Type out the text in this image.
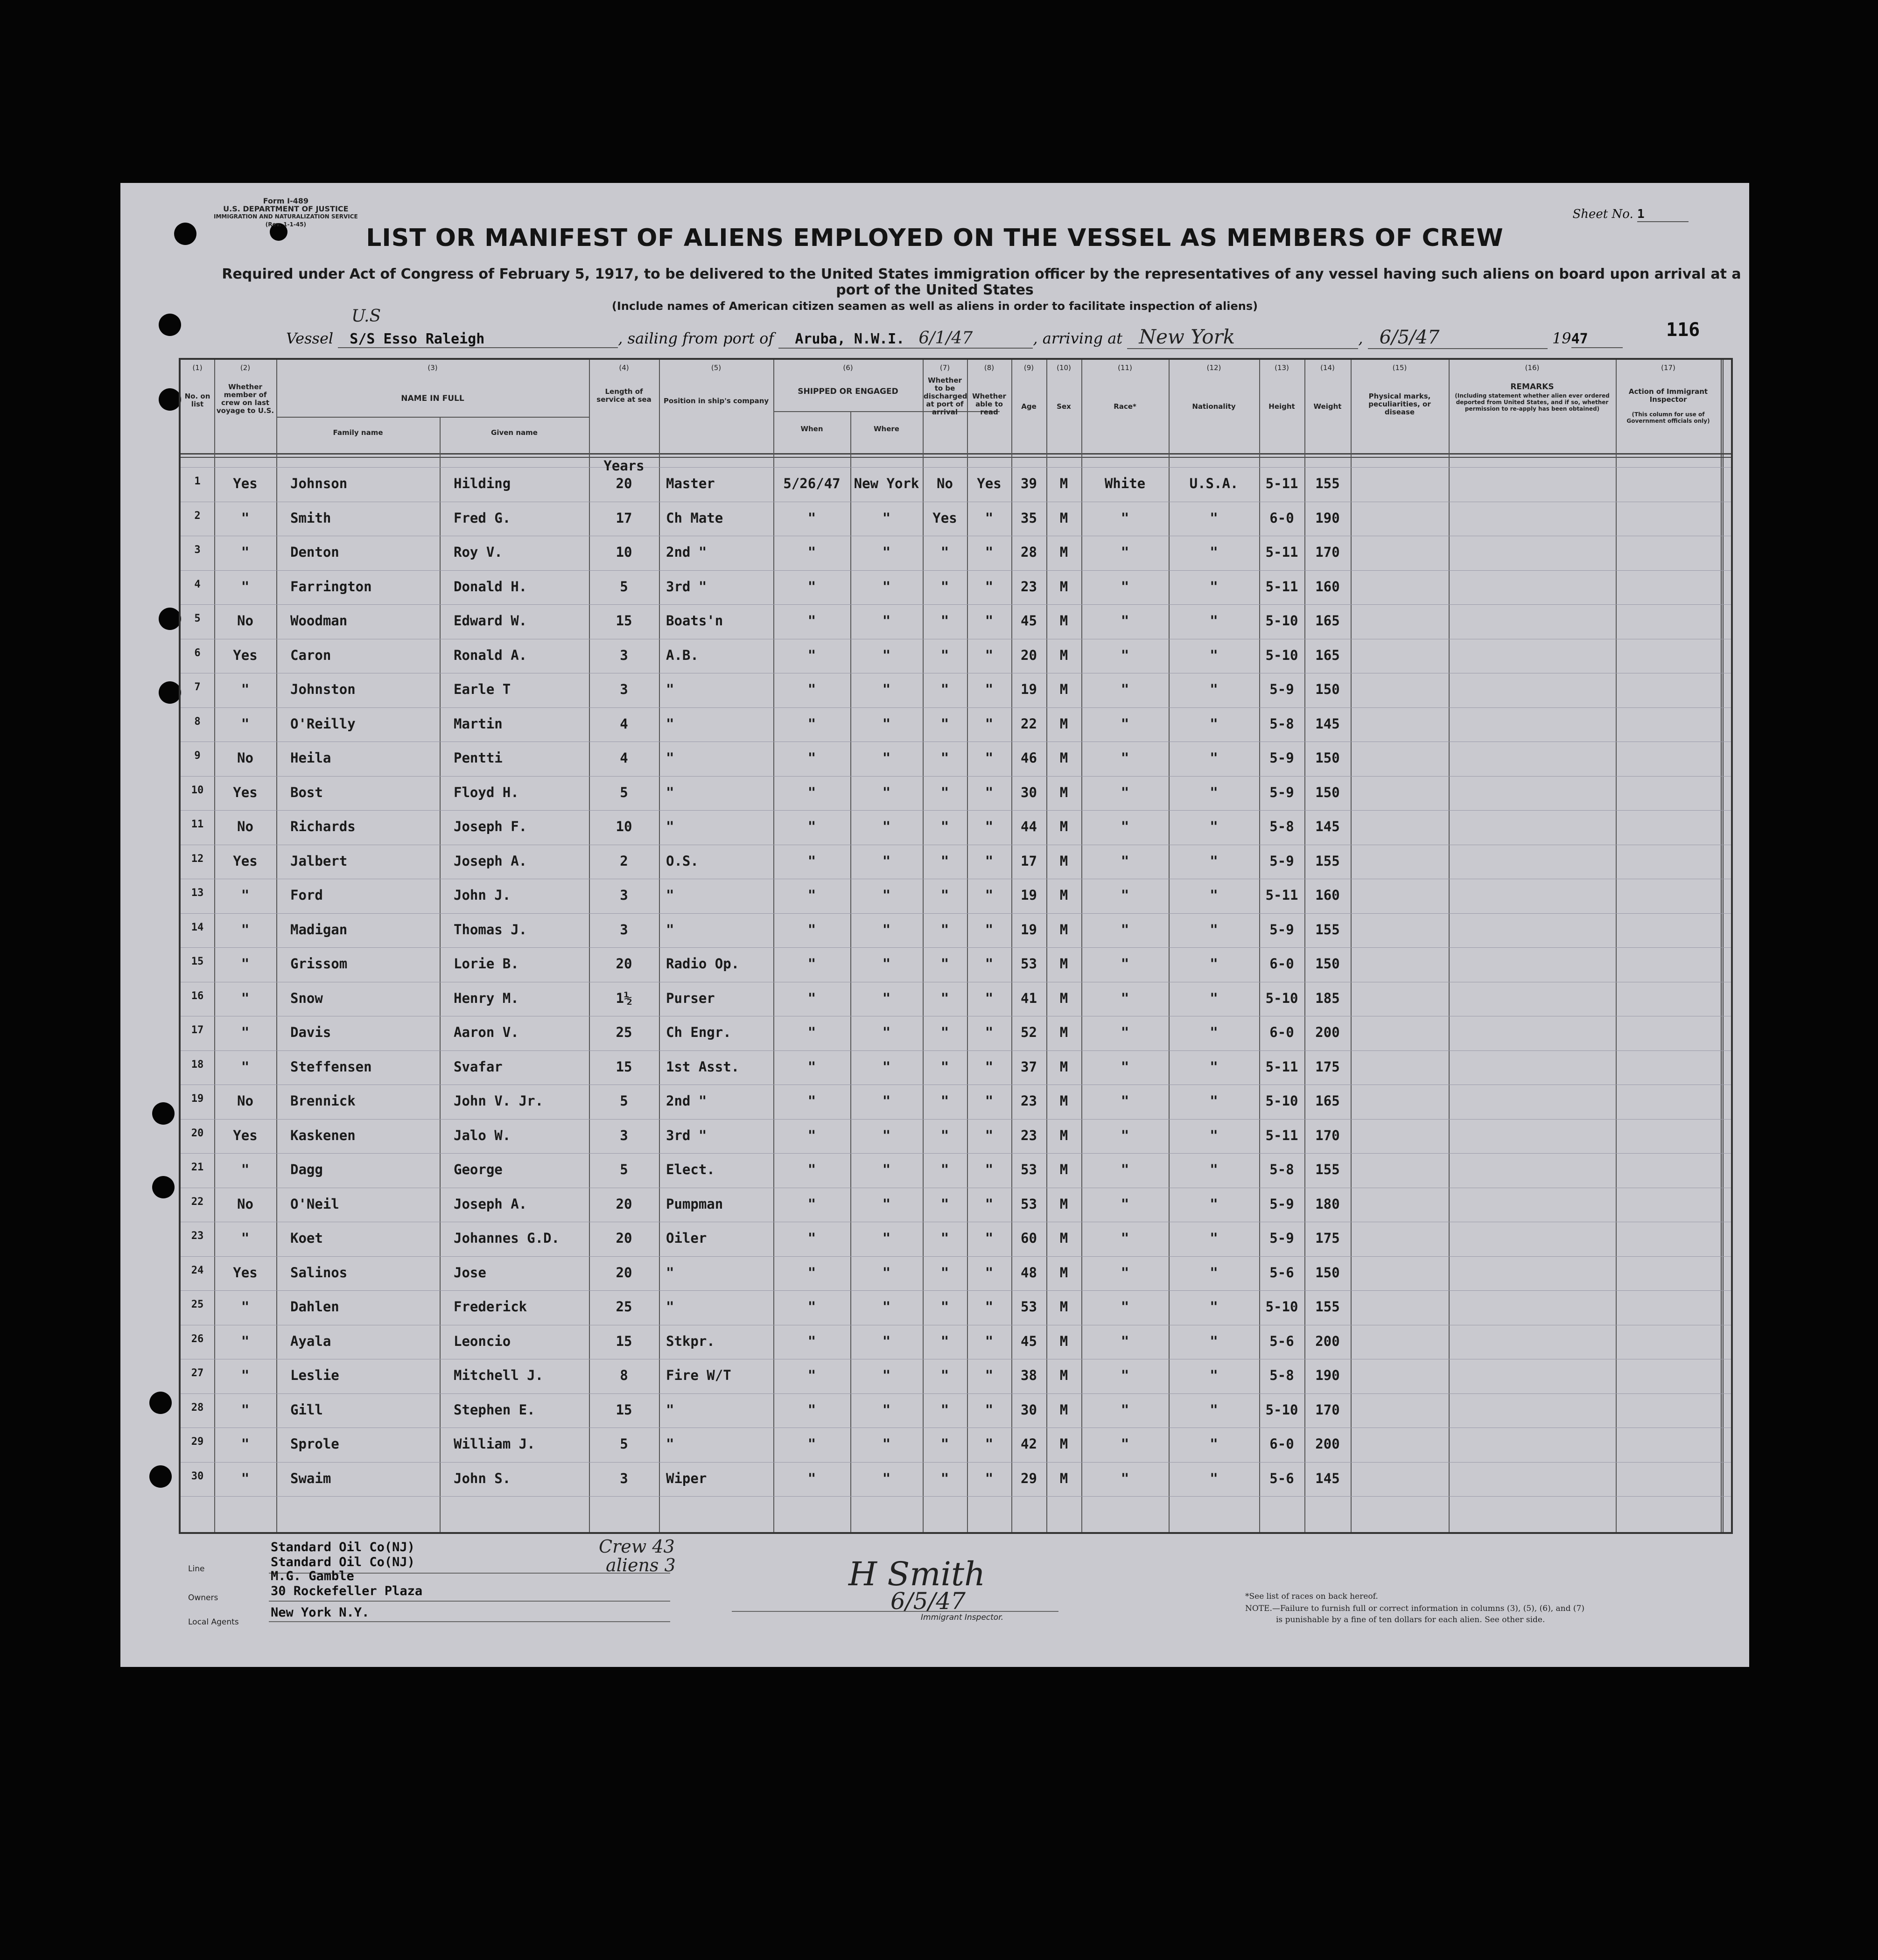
Form I-489
U.S. DEPARTMENT OF JUSTICE
IMMIGRATION AND NATURALIZATION SERVICE
(Rev. 1-1-45)
Sheet No. 1
LIST OR MANIFEST OF ALIENS EMPLOYED ON THE VESSEL AS MEMBERS OF CREW
Required under Act of Congress of February 5, 1917, to be delivered to the United States immigration officer by the representatives of any vessel having such aliens on board upon arrival at a
port of the United States
(Include names of American citizen seamen as well as aliens in order to facilitate inspection of aliens)
U.S
Vessel S/S Esso Raleigh	, sailing from port of Aruba, N.W.I. 6/1/47	, arriving at New York	, 6/5/47	1947	116
(1)	(2)	(3)	(4)	(5)	(6)	(7)	(8)	(9)	(10)	(11)	(12)	(13)	(14)	(15)	(16)	(17)
No. on list
Whether member of crew on last voyage to U.S.
NAME IN FULL
Family name	Given name
Length of service at sea	Position in ship's company
SHIPPED OR ENGAGED
When	Where
Whether to be discharged at port of arrival
Whether able to read
Age	Sex	Race*	Nationality	Height	Weight
Physical marks, peculiarities, or disease
REMARKS
(Including statement whether alien ever ordered deported from United States, and if so, whether permission to re-apply has been obtained)
Action of Immigrant Inspector
(This column for use of Government officials only)
Years
1	Yes	Johnson	Hilding	20	Master	5/26/47	New York	No	Yes	39	M	White	U.S.A.	5-11	155
2	"	Smith	Fred G.	17	Ch Mate	"	"	Yes	"	35	M	"	"	6-0	190
3	"	Denton	Roy V.	10	2nd "	"	"	"	"	28	M	"	"	5-11	170
4	"	Farrington	Donald H.	5	3rd "	"	"	"	"	23	M	"	"	5-11	160
5	No	Woodman	Edward W.	15	Boats'n	"	"	"	"	45	M	"	"	5-10	165
6	Yes	Caron	Ronald A.	3	A.B.	"	"	"	"	20	M	"	"	5-10	165
7	"	Johnston	Earle T	3	"	"	"	"	"	19	M	"	"	5-9	150
8	"	O'Reilly	Martin	4	"	"	"	"	"	22	M	"	"	5-8	145
9	No	Heila	Pentti	4	"	"	"	"	"	46	M	"	"	5-9	150
10	Yes	Bost	Floyd H.	5	"	"	"	"	"	30	M	"	"	5-9	150
11	No	Richards	Joseph F.	10	"	"	"	"	"	44	M	"	"	5-8	145
12	Yes	Jalbert	Joseph A.	2	O.S.	"	"	"	"	17	M	"	"	5-9	155
13	"	Ford	John J.	3	"	"	"	"	"	19	M	"	"	5-11	160
14	"	Madigan	Thomas J.	3	"	"	"	"	"	19	M	"	"	5-9	155
15	"	Grissom	Lorie B.	20	Radio Op.	"	"	"	"	53	M	"	"	6-0	150
16	"	Snow	Henry M.	1½	Purser	"	"	"	"	41	M	"	"	5-10	185
17	"	Davis	Aaron V.	25	Ch Engr.	"	"	"	"	52	M	"	"	6-0	200
18	"	Steffensen	Svafar	15	1st Asst.	"	"	"	"	37	M	"	"	5-11	175
19	No	Brennick	John V. Jr.	5	2nd "	"	"	"	"	23	M	"	"	5-10	165
20	Yes	Kaskenen	Jalo W.	3	3rd "	"	"	"	"	23	M	"	"	5-11	170
21	"	Dagg	George	5	Elect.	"	"	"	"	53	M	"	"	5-8	155
22	No	O'Neil	Joseph A.	20	Pumpman	"	"	"	"	53	M	"	"	5-9	180
23	"	Koet	Johannes G.D.	20	Oiler	"	"	"	"	60	M	"	"	5-9	175
24	Yes	Salinos	Jose	20	"	"	"	"	"	48	M	"	"	5-6	150
25	"	Dahlen	Frederick	25	"	"	"	"	"	53	M	"	"	5-10	155
26	"	Ayala	Leoncio	15	Stkpr.	"	"	"	"	45	M	"	"	5-6	200
27	"	Leslie	Mitchell J.	8	Fire W/T	"	"	"	"	38	M	"	"	5-8	190
28	"	Gill	Stephen E.	15	"	"	"	"	"	30	M	"	"	5-10	170
29	"	Sprole	William J.	5	"	"	"	"	"	42	M	"	"	6-0	200
30	"	Swaim	John S.	3	Wiper	"	"	"	"	29	M	"	"	5-6	145
Line
Standard Oil Co(NJ)
Standard Oil Co(NJ)
Owners
M.G. Gamble
30 Rockefeller Plaza
Local Agents
New York N.Y.
Crew 43
aliens 3	H Smith
6/5/47
Immigrant Inspector.
*See list of races on back hereof.
NOTE.—Failure to furnish full or correct information in columns (3), (5), (6), and (7)
is punishable by a fine of ten dollars for each alien. See other side.
